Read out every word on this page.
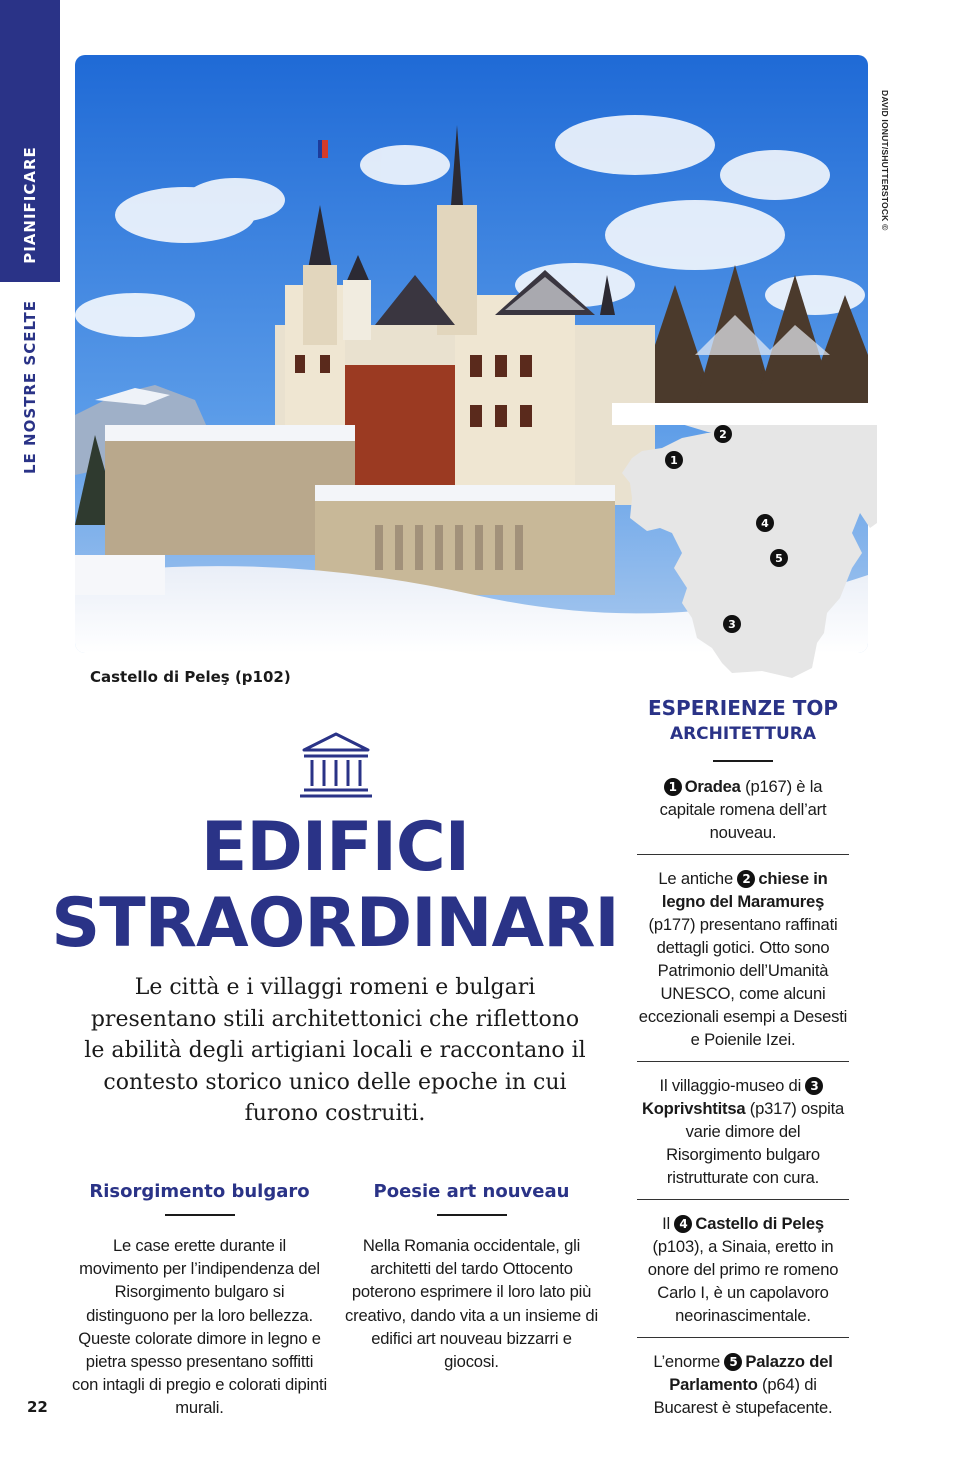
PIANIFICARE
LE NOSTRE SCELTE
DAVID IONUT/SHUTTERSTOCK ©
1
2
3
4
5
Castello di Peleş (p102)
EDIFICI
STRAORDINARI

Le città e i villaggi romeni e bulgari presentano stili architettonici che riflettono le abilità degli artigiani locali e raccontano il contesto storico unico delle epoche in cui furono costruiti.

Risorgimento bulgaro

Le case erette durante il movimento per l’indipendenza del Risorgimento bulgaro si distinguono per la loro bellezza. Queste colorate dimore in legno e pietra spesso presentano soffitti con intagli di pregio e colorati dipinti murali.

Poesie art nouveau

Nella Romania occidentale, gli architetti del tardo Ottocento poterono esprimere il loro lato più creativo, dando vita a un insieme di edifici art nouveau bizzarri e giocosi.

22
ESPERIENZE TOP
ARCHITETTURA
1 Oradea (p167) è la capitale romena dell’art nouveau.
Le antiche 2 chiese in legno del Maramureş (p177) presentano raffinati dettagli gotici. Otto sono Patrimonio dell’Umanità UNESCO, come alcuni eccezionali esempi a Desesti e Poienile Izei.
Il villaggio-museo di 3Koprivshtitsa (p317) ospita varie dimore del Risorgimento bulgaro ristrutturate con cura.
Il 4 Castello di Peleş (p103), a Sinaia, eretto in onore del primo re romeno Carlo I, è un capolavoro neorinascimentale.
L’enorme 5 Palazzo del Parlamento (p64) di Bucarest è stupefacente.
